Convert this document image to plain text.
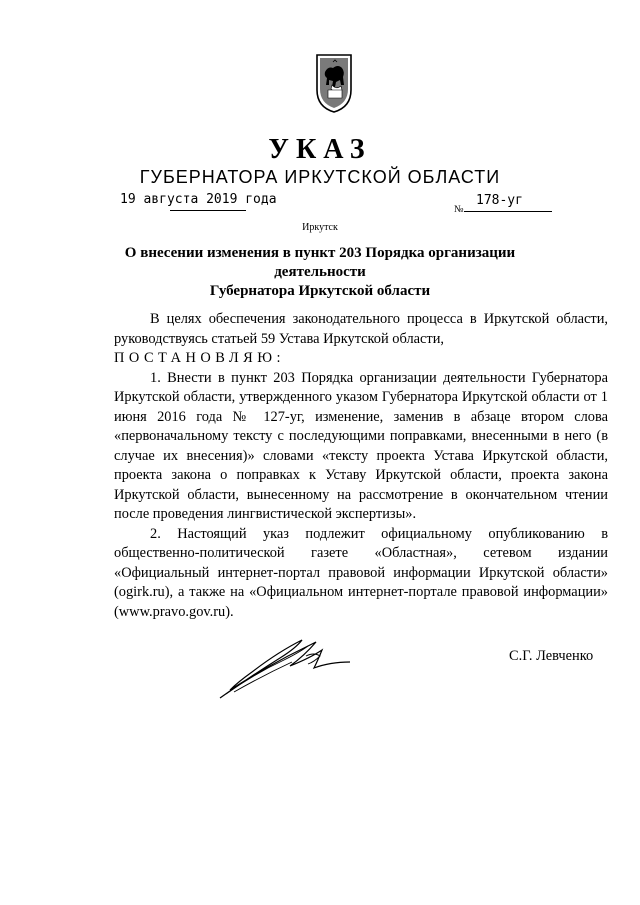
УКАЗ
ГУБЕРНАТОРА ИРКУТСКОЙ ОБЛАСТИ
19 августа 2019 года
№
178-уг
Иркутск
О внесении изменения в пункт 203 Порядка организации деятельности
Губернатора Иркутской области

В целях обеспечения законодательного процесса в Иркутской области, руководствуясь статьей 59 Устава Иркутской области,

ПОСТАНОВЛЯЮ:

1. Внести в пункт 203 Порядка организации деятельности Губернатора Иркутской области, утвержденного указом Губернатора Иркутской области от 1 июня 2016 года № 127-уг, изменение, заменив в абзаце втором слова «первоначальному тексту с последующими поправками, внесенными в него (в случае их внесения)» словами «тексту проекта Устава Иркутской области, проекта закона о поправках к Уставу Иркутской области, проекта закона Иркутской области, вынесенному на рассмотрение в окончательном чтении после проведения лингвистической экспертизы».

2. Настоящий указ подлежит официальному опубликованию в общественно-политической газете «Областная», сетевом издании «Официальный интернет-портал правовой информации Иркутской области» (ogirk.ru), а также на «Официальном интернет-портале правовой информации» (www.pravo.gov.ru).

С.Г. Левченко
